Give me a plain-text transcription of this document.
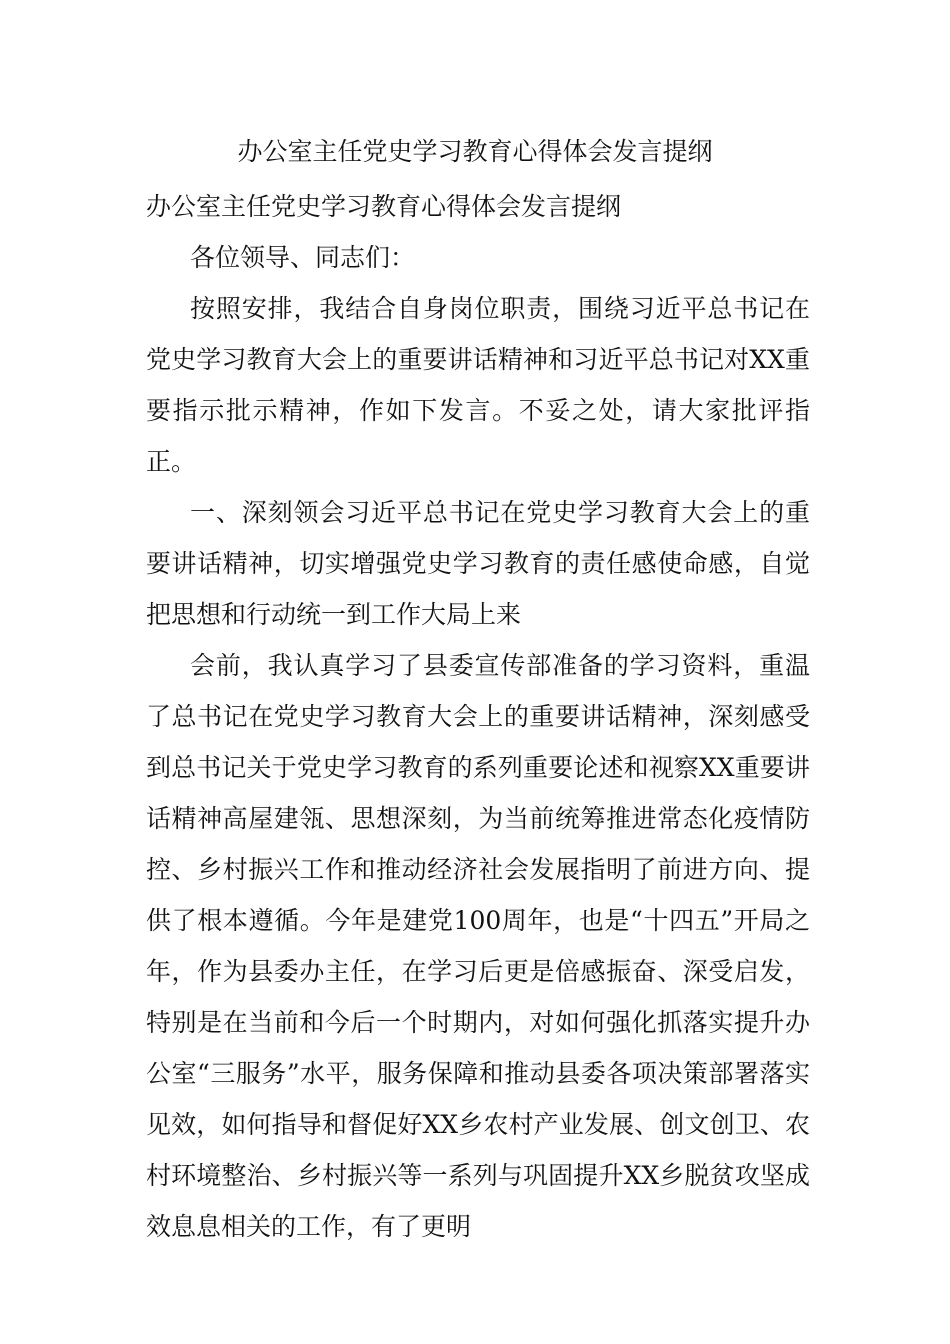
办公室主任党史学习教育心得体会发言提纲

办公室主任党史学习教育心得体会发言提纲

各位领导、同志们：

按照安排，我结合自身岗位职责，围绕习近平总书记在党史学习教育大会上的重要讲话精神和习近平总书记对XX重要指示批示精神，作如下发言。不妥之处，请大家批评指正。

一、深刻领会习近平总书记在党史学习教育大会上的重要讲话精神，切实增强党史学习教育的责任感使命感，自觉把思想和行动统一到工作大局上来

会前，我认真学习了县委宣传部准备的学习资料，重温了总书记在党史学习教育大会上的重要讲话精神，深刻感受到总书记关于党史学习教育的系列重要论述和视察XX重要讲话精神高屋建瓴、思想深刻，为当前统筹推进常态化疫情防控、乡村振兴工作和推动经济社会发展指明了前进方向、提供了根本遵循。今年是建党100周年，也是“十四五”开局之年，作为县委办主任，在学习后更是倍感振奋、深受启发，特别是在当前和今后一个时期内，对如何强化抓落实提升办公室“三服务”水平，服务保障和推动县委各项决策部署落实见效，如何指导和督促好XX乡农村产业发展、创文创卫、农村环境整治、乡村振兴等一系列与巩固提升XX乡脱贫攻坚成效息息相关的工作，有了更明
